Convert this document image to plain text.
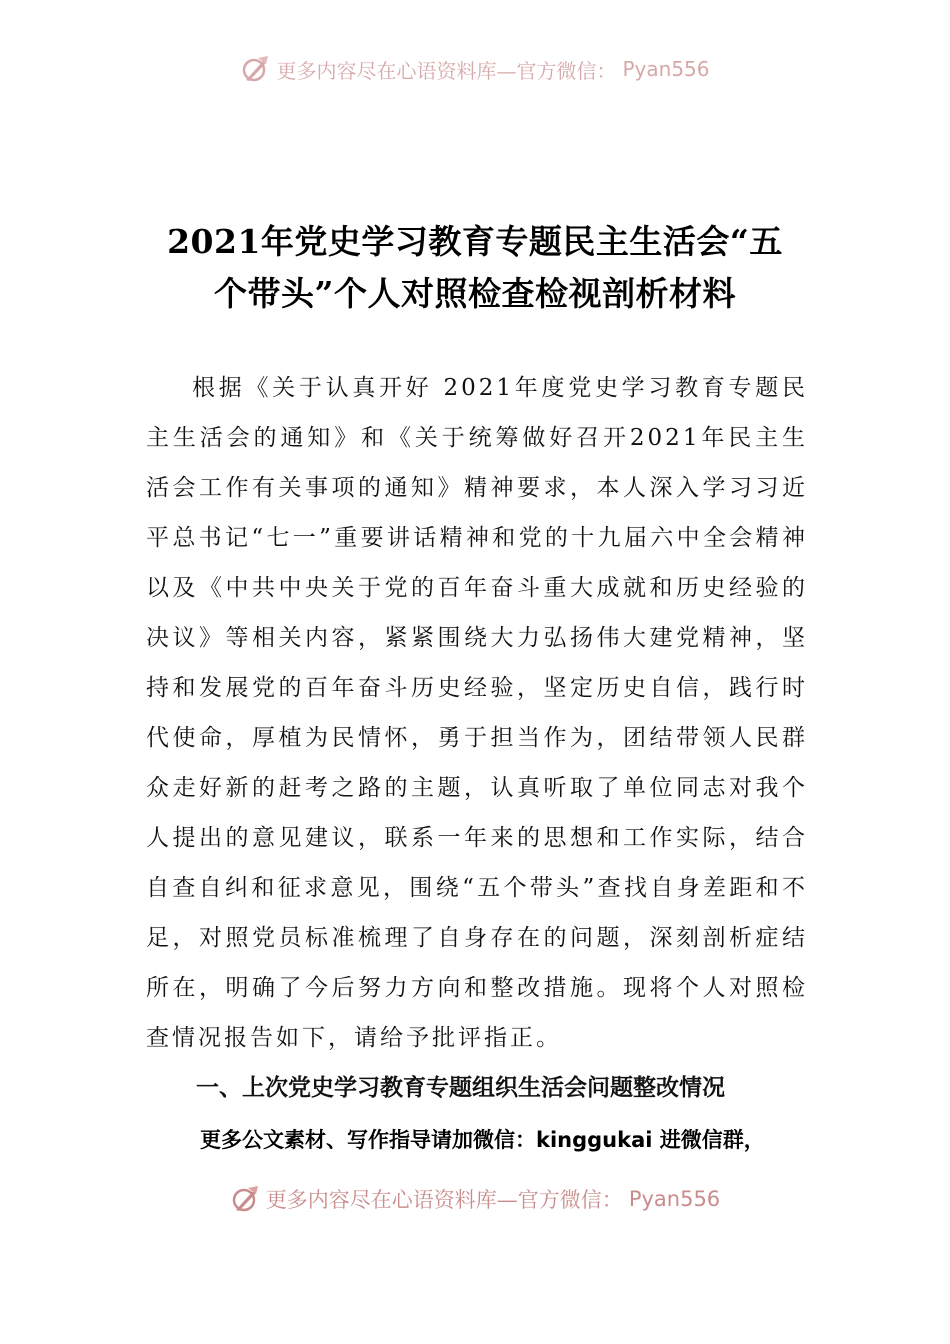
更多内容尽在心语资料库—官方微信： Pyan556
2021年党史学习教育专题民主生活会“五
个带头”个人对照检查检视剖析材料

根据《关于认真开好 2021年度党史学习教育专题民主生活会的通知》和《关于统筹做好召开2021年民主生活会工作有关事项的通知》精神要求，本人深入学习习近平总书记“七一”重要讲话精神和党的十九届六中全会精神以及《中共中央关于党的百年奋斗重大成就和历史经验的决议》等相关内容，紧紧围绕大力弘扬伟大建党精神，坚持和发展党的百年奋斗历史经验，坚定历史自信，践行时代使命，厚植为民情怀，勇于担当作为，团结带领人民群众走好新的赶考之路的主题，认真听取了单位同志对我个人提出的意见建议，联系一年来的思想和工作实际，结合自查自纠和征求意见，围绕“五个带头”查找自身差距和不足，对照党员标准梳理了自身存在的问题，深刻剖析症结所在，明确了今后努力方向和整改措施。现将个人对照检查情况报告如下，请给予批评指正。

一、上次党史学习教育专题组织生活会问题整改情况

更多公文素材、写作指导请加微信：kinggukai 进微信群，

更多内容尽在心语资料库—官方微信： Pyan556
